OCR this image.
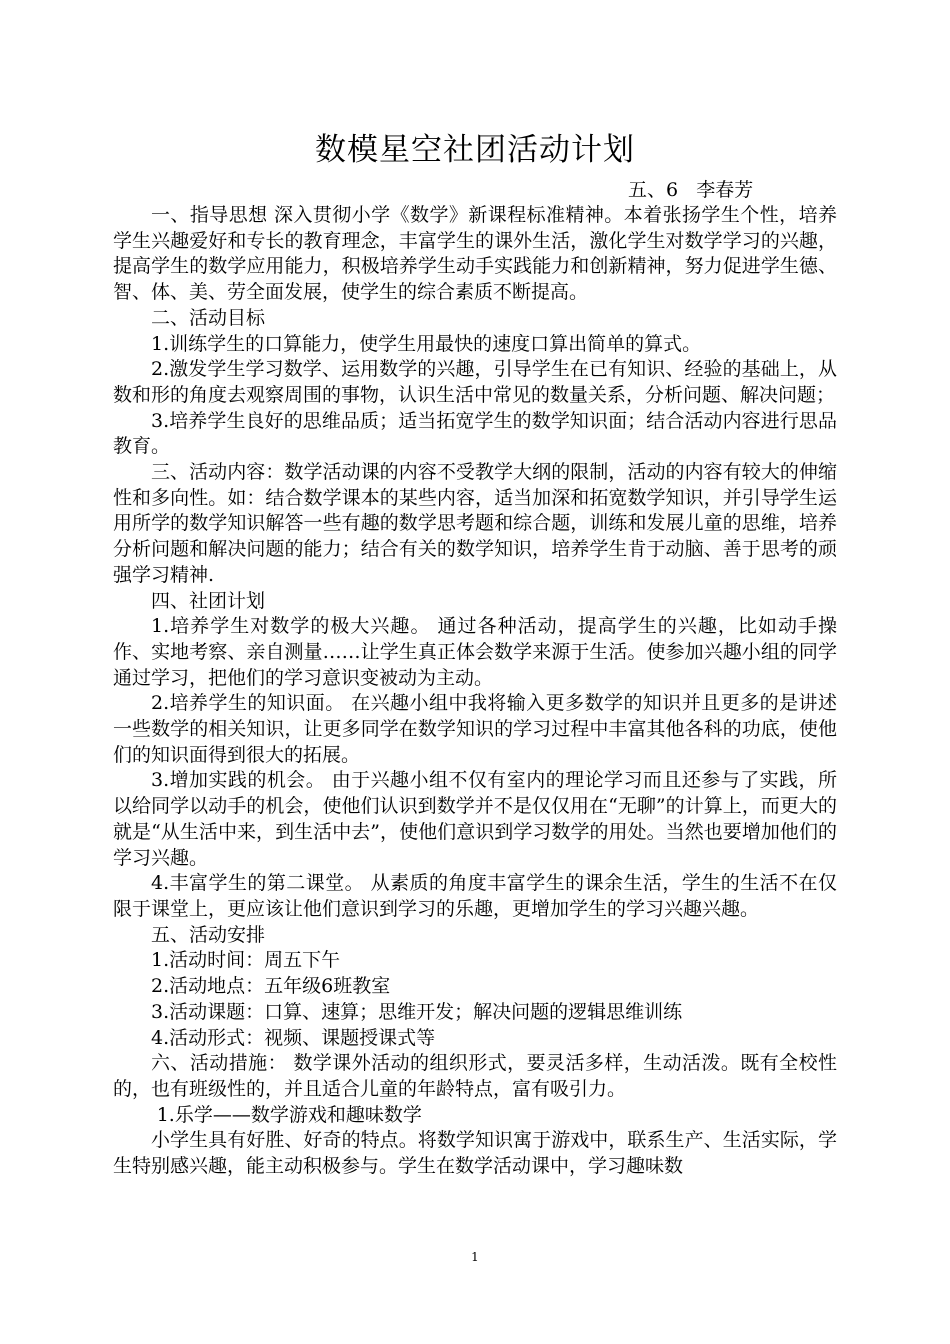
数模星空社团活动计划
五、6   李春芳

一、指导思想 深入贯彻小学《数学》新课程标准精神。本着张扬学生个性，培养学生兴趣爱好和专长的教育理念，丰富学生的课外生活，激化学生对数学学习的兴趣，提高学生的数学应用能力，积极培养学生动手实践能力和创新精神，努力促进学生德、智、体、美、劳全面发展，使学生的综合素质不断提高。

二、活动目标

1.训练学生的口算能力，使学生用最快的速度口算出简单的算式。

2.激发学生学习数学、运用数学的兴趣，引导学生在已有知识、经验的基础上，从数和形的角度去观察周围的事物，认识生活中常见的数量关系，分析问题、解决问题；

3.培养学生良好的思维品质；适当拓宽学生的数学知识面；结合活动内容进行思品教育。

三、活动内容：数学活动课的内容不受教学大纲的限制，活动的内容有较大的伸缩性和多向性。如：结合数学课本的某些内容，适当加深和拓宽数学知识，并引导学生运用所学的数学知识解答一些有趣的数学思考题和综合题，训练和发展儿童的思维，培养分析问题和解决问题的能力；结合有关的数学知识，培养学生肯于动脑、善于思考的顽强学习精神.

四、社团计划

1.培养学生对数学的极大兴趣。 通过各种活动，提高学生的兴趣，比如动手操作、实地考察、亲自测量……让学生真正体会数学来源于生活。使参加兴趣小组的同学通过学习，把他们的学习意识变被动为主动。

2.培养学生的知识面。 在兴趣小组中我将输入更多数学的知识并且更多的是讲述一些数学的相关知识，让更多同学在数学知识的学习过程中丰富其他各科的功底，使他们的知识面得到很大的拓展。

3.增加实践的机会。 由于兴趣小组不仅有室内的理论学习而且还参与了实践，所以给同学以动手的机会，使他们认识到数学并不是仅仅用在“无聊”的计算上，而更大的就是“从生活中来，到生活中去”，使他们意识到学习数学的用处。当然也要增加他们的学习兴趣。

4.丰富学生的第二课堂。 从素质的角度丰富学生的课余生活，学生的生活不在仅限于课堂上，更应该让他们意识到学习的乐趣，更增加学生的学习兴趣兴趣。

五、活动安排

1.活动时间：周五下午

2.活动地点：五年级6班教室

3.活动课题：口算、速算；思维开发；解决问题的逻辑思维训练

4.活动形式：视频、课题授课式等

六、活动措施： 数学课外活动的组织形式，要灵活多样，生动活泼。既有全校性的，也有班级性的，并且适合儿童的年龄特点，富有吸引力。

1.乐学——数学游戏和趣味数学

小学生具有好胜、好奇的特点。将数学知识寓于游戏中，联系生产、生活实际，学生特别感兴趣，能主动积极参与。学生在数学活动课中，学习趣味数

1
